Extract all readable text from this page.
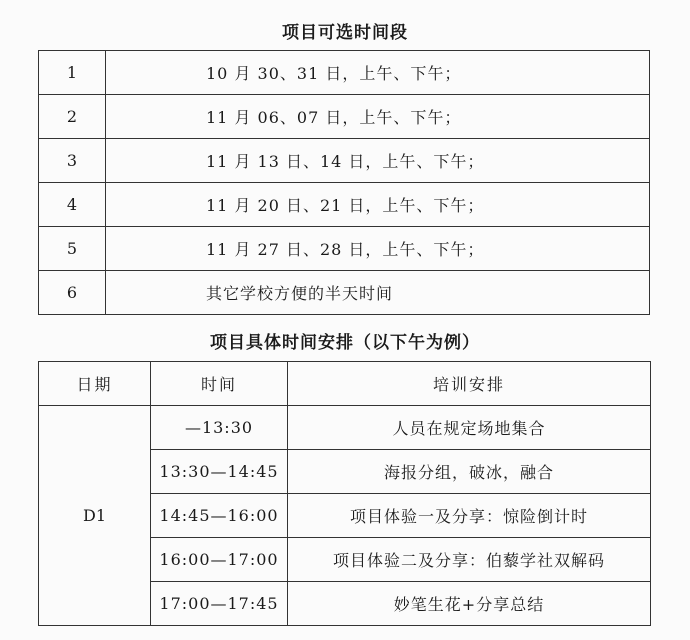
项目可选时间段
1	10 月 30、31 日，上午、下午；
2	11 月 06、07 日，上午、下午；
3	11 月 13 日、14 日，上午、下午；
4	11 月 20 日、21 日，上午、下午；
5	11 月 27 日、28 日，上午、下午；
6	其它学校方便的半天时间
项目具体时间安排（以下午为例）
日期	时间	培训安排
D1	—13:30	人员在规定场地集合
	13:30—14:45	海报分组，破冰，融合
	14:45—16:00	项目体验一及分享：惊险倒计时
	16:00—17:00	项目体验二及分享：伯藜学社双解码
	17:00—17:45	妙笔生花+分享总结
